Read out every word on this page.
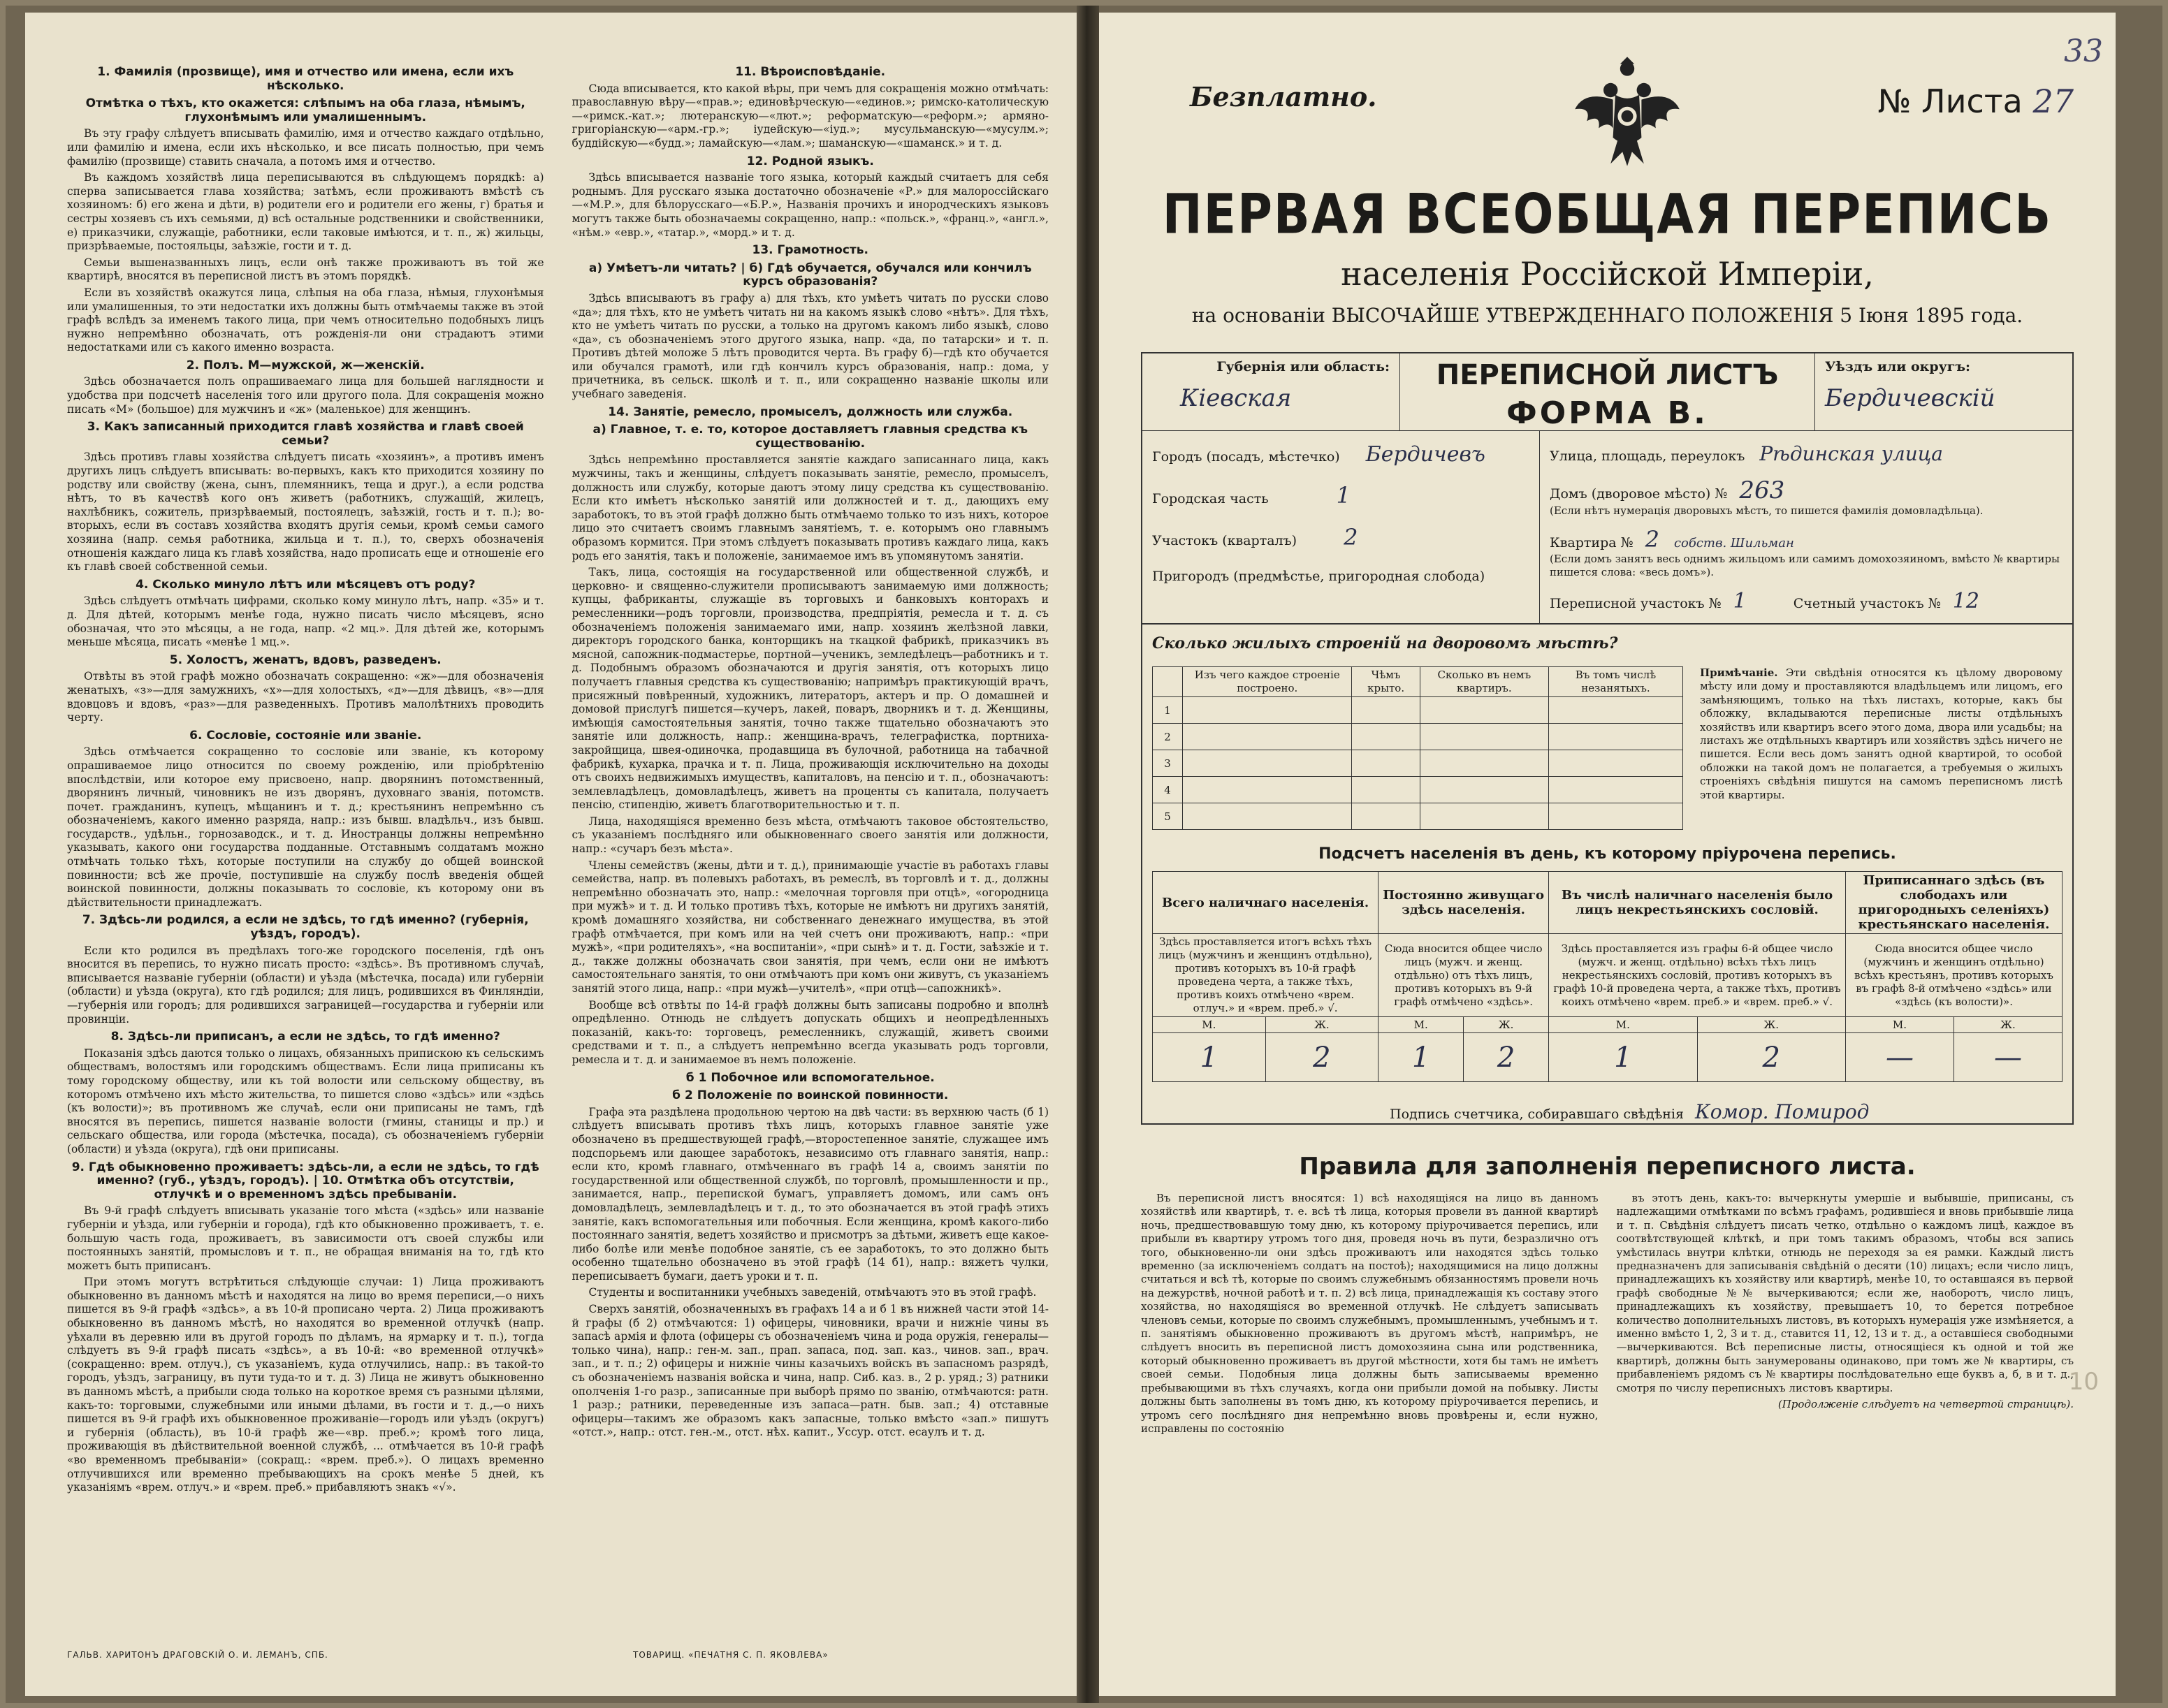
1. Фамилія (прозвище), имя и отчество или имена, если ихъ нѣсколько.
Отмѣтка о тѣхъ, кто окажется: слѣпымъ на оба глаза, нѣмымъ, глухонѣмымъ или умалишеннымъ.

Въ эту графу слѣдуетъ вписывать фамилію, имя и отчество каждаго отдѣльно, или фамилію и имена, если ихъ нѣсколько, и все писать полностью, при чемъ фамилію (прозвище) ставить сначала, а потомъ имя и отчество.

Въ каждомъ хозяйствѣ лица переписываются въ слѣдующемъ порядкѣ: а) сперва записывается глава хозяйства; затѣмъ, если проживаютъ вмѣстѣ съ хозяиномъ: б) его жена и дѣти, в) родители его и родители его жены, г) братья и сестры хозяевъ съ ихъ семьями, д) всѣ остальные родственники и свойственники, е) приказчики, служащіе, работники, если таковые имѣются, и т. п., ж) жильцы, призрѣваемые, постояльцы, заѣзжіе, гости и т. д.

Семьи вышеназванныхъ лицъ, если онѣ также проживаютъ въ той же квартирѣ, вносятся въ переписной листъ въ этомъ порядкѣ.

Если въ хозяйствѣ окажутся лица, слѣпыя на оба глаза, нѣмыя, глухонѣмыя или умалишенныя, то эти недостатки ихъ должны быть отмѣчаемы также въ этой графѣ вслѣдъ за именемъ такого лица, при чемъ относительно подобныхъ лицъ нужно непремѣнно обозначать, отъ рожденія-ли они страдаютъ этими недостатками или съ какого именно возраста.

2. Полъ. М—мужской, ж—женскій.

Здѣсь обозначается полъ опрашиваемаго лица для большей наглядности и удобства при подсчетѣ населенія того или другого пола. Для сокращенія можно писать «М» (большое) для мужчинъ и «ж» (маленькое) для женщинъ.

3. Какъ записанный приходится главѣ хозяйства и главѣ своей семьи?

Здѣсь противъ главы хозяйства слѣдуетъ писать «хозяинъ», а противъ именъ другихъ лицъ слѣдуетъ вписывать: во-первыхъ, какъ кто приходится хозяину по родству или свойству (жена, сынъ, племянникъ, теща и друг.), а если родства нѣтъ, то въ качествѣ кого онъ живетъ (работникъ, служащій, жилецъ, нахлѣбникъ, сожитель, призрѣваемый, постоялецъ, заѣзжій, гость и т. п.); во-вторыхъ, если въ составъ хозяйства входятъ другія семьи, кромѣ семьи самого хозяина (напр. семья работника, жильца и т. п.), то, сверхъ обозначенія отношенія каждаго лица къ главѣ хозяйства, надо прописать еще и отношеніе его къ главѣ своей собственной семьи.

4. Сколько минуло лѣтъ или мѣсяцевъ отъ роду?

Здѣсь слѣдуетъ отмѣчать цифрами, сколько кому минуло лѣтъ, напр. «35» и т. д. Для дѣтей, которымъ менѣе года, нужно писать число мѣсяцевъ, ясно обозначая, что это мѣсяцы, а не года, напр. «2 мц.». Для дѣтей же, которымъ меньше мѣсяца, писать «менѣе 1 мц.».

5. Холостъ, женатъ, вдовъ, разведенъ.

Отвѣты въ этой графѣ можно обозначать сокращенно: «ж»—для обозначенія женатыхъ, «з»—для замужнихъ, «х»—для холостыхъ, «д»—для дѣвицъ, «в»—для вдовцовъ и вдовъ, «раз»—для разведенныхъ. Противъ малолѣтнихъ проводить черту.

6. Сословіе, состояніе или званіе.

Здѣсь отмѣчается сокращенно то сословіе или званіе, къ которому опрашиваемое лицо относится по своему рожденію, или пріобрѣтенію впослѣдствіи, или которое ему присвоено, напр. дворянинъ потомственный, дворянинъ личный, чиновникъ не изъ дворянъ, духовнаго званія, потомств. почет. гражданинъ, купецъ, мѣщанинъ и т. д.; крестьянинъ непремѣнно съ обозначеніемъ, какого именно разряда, напр.: изъ бывш. владѣльч., изъ бывш. государств., удѣльн., горнозаводск., и т. д. Иностранцы должны непремѣнно указывать, какого они государства подданные. Отставнымъ солдатамъ можно отмѣчать только тѣхъ, которые поступили на службу до общей воинской повинности; всѣ же прочіе, поступившіе на службу послѣ введенія общей воинской повинности, должны показывать то сословіе, къ которому они въ дѣйствительности принадлежатъ.

7. Здѣсь-ли родился, а если не здѣсь, то гдѣ именно? (губернія, уѣздъ, городъ).

Если кто родился въ предѣлахъ того-же городского поселенія, гдѣ онъ вносится въ перепись, то нужно писать просто: «здѣсь». Въ противномъ случаѣ, вписывается названіе губерніи (области) и уѣзда (мѣстечка, посада) или губерніи (области) и уѣзда (округа), кто гдѣ родился; для лицъ, родившихся въ Финляндіи,—губернія или городъ; для родившихся заграницей—государства и губерніи или провинціи.

8. Здѣсь-ли приписанъ, а если не здѣсь, то гдѣ именно?

Показанія здѣсь даются только о лицахъ, обязанныхъ припискою къ сельскимъ обществамъ, волостямъ или городскимъ обществамъ. Если лица приписаны къ тому городскому обществу, или къ той волости или сельскому обществу, въ которомъ отмѣчено ихъ мѣсто жительства, то пишется слово «здѣсь» или «здѣсь (къ волости)»; въ противномъ же случаѣ, если они приписаны не тамъ, гдѣ вносятся въ перепись, пишется названіе волости (гмины, станицы и пр.) и сельскаго общества, или города (мѣстечка, посада), съ обозначеніемъ губерніи (области) и уѣзда (округа), гдѣ они приписаны.

9. Гдѣ обыкновенно проживаетъ: здѣсь-ли, а если не здѣсь, то гдѣ именно? (губ., уѣздъ, городъ). | 10. Отмѣтка объ отсутствіи, отлучкѣ и о временномъ здѣсь пребываніи.

Въ 9-й графѣ слѣдуетъ вписывать указаніе того мѣста («здѣсь» или названіе губерніи и уѣзда, или губерніи и города), гдѣ кто обыкновенно проживаетъ, т. е. большую часть года, проживаетъ, въ зависимости отъ своей службы или постоянныхъ занятій, промысловъ и т. п., не обращая вниманія на то, гдѣ кто можетъ быть приписанъ.

При этомъ могутъ встрѣтиться слѣдующіе случаи: 1) Лица проживаютъ обыкновенно въ данномъ мѣстѣ и находятся на лицо во время переписи,—о нихъ пишется въ 9-й графѣ «здѣсь», а въ 10-й прописано черта. 2) Лица проживаютъ обыкновенно въ данномъ мѣстѣ, но находятся во временной отлучкѣ (напр. уѣхали въ деревню или въ другой городъ по дѣламъ, на ярмарку и т. п.), тогда слѣдуетъ въ 9-й графѣ писать «здѣсь», а въ 10-й: «во временной отлучкѣ» (сокращенно: врем. отлуч.), съ указаніемъ, куда отлучились, напр.: въ такой-то городъ, уѣздъ, заграницу, въ пути туда-то и т. д. 3) Лица не живутъ обыкновенно въ данномъ мѣстѣ, а прибыли сюда только на короткое время съ разными цѣлями, какъ-то: торговыми, служебными или иными дѣлами, въ гости и т. д.,—о нихъ пишется въ 9-й графѣ ихъ обыкновенное проживаніе—городъ или уѣздъ (округъ) и губернія (область), въ 10-й графѣ же—«вр. преб.»; кромѣ того лица, проживающія въ дѣйствительной военной службѣ, ... отмѣчается въ 10-й графѣ «во временномъ пребываніи» (сокращ.: «врем. преб.»). О лицахъ временно отлучившихся или временно пребывающихъ на срокъ менѣе 5 дней, къ указаніямъ «врем. отлуч.» и «врем. преб.» прибавляютъ знакъ «√».

11. Вѣроисповѣданіе.

Сюда вписывается, кто какой вѣры, при чемъ для сокращенія можно отмѣчать: православную вѣру—«прав.»; единовѣрческую—«единов.»; римско-католическую—«римск.-кат.»; лютеранскую—«лют.»; реформатскую—«реформ.»; армяно-григоріанскую—«арм.-гр.»; іудейскую—«іуд.»; мусульманскую—«мусулм.»; буддійскую—«будд.»; ламайскую—«лам.»; шаманскую—«шаманск.» и т. д.

12. Родной языкъ.

Здѣсь вписывается названіе того языка, который каждый считаетъ для себя роднымъ. Для русскаго языка достаточно обозначеніе «Р.» для малороссійскаго—«М.Р.», для бѣлорусскаго—«Б.Р.», Названія прочихъ и инородческихъ языковъ могутъ также быть обозначаемы сокращенно, напр.: «польск.», «франц.», «англ.», «нѣм.» «евр.», «татар.», «морд.» и т. д.

13. Грамотность.
а) Умѣетъ-ли читать? | б) Гдѣ обучается, обучался или кончилъ курсъ образованія?

Здѣсь вписываютъ въ графу а) для тѣхъ, кто умѣетъ читать по русски слово «да»; для тѣхъ, кто не умѣетъ читать ни на какомъ языкѣ слово «нѣтъ». Для тѣхъ, кто не умѣетъ читать по русски, а только на другомъ какомъ либо языкѣ, слово «да», съ обозначеніемъ этого другого языка, напр. «да, по татарски» и т. п. Противъ дѣтей моложе 5 лѣтъ проводится черта. Въ графу б)—гдѣ кто обучается или обучался грамотѣ, или гдѣ кончилъ курсъ образованія, напр.: дома, у причетника, въ сельск. школѣ и т. п., или сокращенно названіе школы или учебнаго заведенія.

14. Занятіе, ремесло, промыселъ, должность или служба.
а) Главное, т. е. то, которое доставляетъ главныя средства къ существованію.

Здѣсь непремѣнно проставляется занятіе каждаго записаннаго лица, какъ мужчины, такъ и женщины, слѣдуетъ показывать занятіе, ремесло, промыселъ, должность или службу, которые даютъ этому лицу средства къ существованію. Если кто имѣетъ нѣсколько занятій или должностей и т. д., дающихъ ему заработокъ, то въ этой графѣ должно быть отмѣчаемо только то изъ нихъ, которое лицо это считаетъ своимъ главнымъ занятіемъ, т. е. которымъ оно главнымъ образомъ кормится. При этомъ слѣдуетъ показывать противъ каждаго лица, какъ родъ его занятія, такъ и положеніе, занимаемое имъ въ упомянутомъ занятіи.

Такъ, лица, состоящія на государственной или общественной службѣ, и церковно- и священно-служители прописываютъ занимаемую ими должность; купцы, фабриканты, служащіе въ торговыхъ и банковыхъ конторахъ и ремесленники—родъ торговли, производства, предпріятія, ремесла и т. д. съ обозначеніемъ положенія занимаемаго ими, напр. хозяинъ желѣзной лавки, директоръ городского банка, конторщикъ на ткацкой фабрикѣ, приказчикъ въ мясной, сапожник-подмастерье, портной—ученикъ, земледѣлецъ—работникъ и т. д. Подобнымъ образомъ обозначаются и другія занятія, отъ которыхъ лицо получаетъ главныя средства къ существованію; напримѣръ практикующій врачъ, присяжный повѣренный, художникъ, литераторъ, актеръ и пр. О домашней и домовой прислугѣ пишется—кучеръ, лакей, поваръ, дворникъ и т. д. Женщины, имѣющія самостоятельныя занятія, точно также тщательно обозначаютъ это занятіе или должность, напр.: женщина-врачъ, телеграфистка, портниха-закройщица, швея-одиночка, продавщица въ булочной, работница на табачной фабрикѣ, кухарка, прачка и т. п. Лица, проживающія исключительно на доходы отъ своихъ недвижимыхъ имуществъ, капиталовъ, на пенсію и т. п., обозначаютъ: землевладѣлецъ, домовладѣлецъ, живетъ на проценты съ капитала, получаетъ пенсію, стипендію, живетъ благотворительностью и т. п.

Лица, находящіяся временно безъ мѣста, отмѣчаютъ таковое обстоятельство, съ указаніемъ послѣдняго или обыкновеннаго своего занятія или должности, напр.: «сучаръ безъ мѣста».

Члены семействъ (жены, дѣти и т. д.), принимающіе участіе въ работахъ главы семейства, напр. въ полевыхъ работахъ, въ ремеслѣ, въ торговлѣ и т. д., должны непремѣнно обозначать это, напр.: «мелочная торговля при отцѣ», «огородница при мужѣ» и т. д. И только противъ тѣхъ, которые не имѣютъ ни другихъ занятій, кромѣ домашняго хозяйства, ни собственнаго денежнаго имущества, въ этой графѣ отмѣчается, при комъ или на чей счетъ они проживаютъ, напр.: «при мужѣ», «при родителяхъ», «на воспитаніи», «при сынѣ» и т. д. Гости, заѣзжіе и т. д., также должны обозначать свои занятія, при чемъ, если они не имѣютъ самостоятельнаго занятія, то они отмѣчаютъ при комъ они живутъ, съ указаніемъ занятій этого лица, напр.: «при мужѣ—учителѣ», «при отцѣ—сапожникѣ».

Вообще всѣ отвѣты по 14-й графѣ должны быть записаны подробно и вполнѣ опредѣленно. Отнюдь не слѣдуетъ допускать общихъ и неопредѣленныхъ показаній, какъ-то: торговецъ, ремесленникъ, служащій, живетъ своими средствами и т. п., а слѣдуетъ непремѣнно всегда указывать родъ торговли, ремесла и т. д. и занимаемое въ немъ положеніе.

б 1 Побочное или вспомогательное.
б 2 Положеніе по воинской повинности.

Графа эта раздѣлена продольною чертою на двѣ части: въ верхнюю часть (б 1) слѣдуетъ вписывать противъ тѣхъ лицъ, которыхъ главное занятіе уже обозначено въ предшествующей графѣ,—второстепенное занятіе, служащее имъ подспорьемъ или дающее заработокъ, независимо отъ главнаго занятія, напр.: если кто, кромѣ главнаго, отмѣченнаго въ графѣ 14 а, своимъ занятіи по государственной или общественной службѣ, по торговлѣ, промышленности и пр., занимается, напр., перепиской бумагъ, управляетъ домомъ, или самъ онъ домовладѣлецъ, землевладѣлецъ и т. д., то это обозначается въ этой графѣ этихъ занятіе, какъ вспомогательныя или побочныя. Если женщина, кромѣ какого-либо постояннаго занятія, ведетъ хозяйство и присмотръ за дѣтьми, живетъ еще какое-либо болѣе или менѣе подобное занятіе, съ ее заработокъ, то это должно быть особенно тщательно обозначено въ этой графѣ (14 б1), напр.: вяжетъ чулки, переписываетъ бумаги, даетъ уроки и т. п.

Студенты и воспитанники учебныхъ заведеній, отмѣчаютъ это въ этой графѣ.

Сверхъ занятій, обозначенныхъ въ графахъ 14 а и б 1 въ нижней части этой 14-й графы (б 2) отмѣчаются: 1) офицеры, чиновники, врачи и нижніе чины въ запасѣ армія и флота (офицеры съ обозначеніемъ чина и рода оружія, генералы—только чина), напр.: ген-м. зап., прап. запаса, под. зап. каз., чинов. зап., врач. зап., и т. п.; 2) офицеры и нижніе чины казачьихъ войскъ въ запасномъ разрядѣ, съ обозначеніемъ названія войска и чина, напр. Сиб. каз. в., 2 р. уряд.; 3) ратники ополченія 1-го разр., записанные при выборѣ прямо по званію, отмѣчаются: ратн. 1 разр.; ратники, переведенные изъ запаса—ратн. быв. зап.; 4) отставные офицеры—такимъ же образомъ какъ запасные, только вмѣсто «зап.» пишутъ «отст.», напр.: отст. ген.-м., отст. нѣх. капит., Уссур. отст. есаулъ и т. д.

ГАЛЬВ. ХАРИТОНЪ ДРАГОВСКІЙ О. И. ЛЕМАНЪ, СПБ.	ТОВАРИЩ. «ПЕЧАТНЯ С. П. ЯКОВЛЕВА»
33
10
Безплатно.	№ Листа 27
ПЕРВАЯ ВСЕОБЩАЯ ПЕРЕПИСЬ
населенія Россійской Имперіи,
на основаніи ВЫСОЧАЙШЕ УТВЕРЖДЕННАГО ПОЛОЖЕНІЯ 5 Іюня 1895 года.
Губернія или область:
Кіевская
ПЕРЕПИСНОЙ ЛИСТЪ
ФОРМА В.
Уѣздъ или округъ:
Бердичевскій
Городъ (посадъ, мѣстечко) Бердичевъ
Городская часть	1
Участокъ (кварталъ) 2
Пригородъ (предмѣстье, пригородная слобода)
Улица, площадь, переулокъ Рѣдинская улица
Домъ (дворовое мѣсто) № 263
(Если нѣтъ нумерація дворовыхъ мѣстъ, то пишется фамилія домовладѣльца).
Квартира № 2 собств. Шильман
(Если домъ занятъ весь однимъ жильцомъ или самимъ домохозяиномъ, вмѣсто № квартиры пишется слова: «весь домъ»).
Переписной участокъ № 1	Счетный участокъ № 12
Сколько жилыхъ строеній на дворовомъ мѣстѣ?
	Изъ чего каждое строеніе построено.	Чѣмъ крыто.	Сколько въ немъ квартиръ.	Въ томъ числѣ незанятыхъ.
1				
2				
3				
4				
5				
Примѣчаніе. Эти свѣдѣнія относятся къ цѣлому дворовому мѣсту или дому и проставляются владѣльцемъ или лицомъ, его замѣняющимъ, только на тѣхъ листахъ, которые, какъ бы обложку, вкладываются переписные листы отдѣльныхъ хозяйствъ или квартиръ всего этого дома, двора или усадьбы; на листахъ же отдѣльныхъ квартиръ или хозяйствъ здѣсь ничего не пишется. Если весь домъ занятъ одной квартирой, то особой обложки на такой домъ не полагается, а требуемыя о жилыхъ строеніяхъ свѣдѣнія пишутся на самомъ переписномъ листѣ этой квартиры.
Подсчетъ населенія въ день, къ которому пріурочена перепись.
Всего наличнаго населенія.		Постоянно живущаго здѣсь населенія.		Въ числѣ наличнаго населенія было лицъ некрестьянскихъ сословій.		Приписаннаго здѣсь (въ слободахъ или пригородныхъ селеніяхъ) крестьянскаго населенія.	
Здѣсь проставляется итогъ всѣхъ тѣхъ лицъ (мужчинъ и женщинъ отдѣльно), противъ которыхъ въ 10-й графѣ проведена черта, а также тѣхъ, противъ коихъ отмѣчено «врем. отлуч.» и «врем. преб.» √.		Сюда вносится общее число лицъ (мужч. и женщ. отдѣльно) отъ тѣхъ лицъ, противъ которыхъ въ 9-й графѣ отмѣчено «здѣсь».		Здѣсь проставляется изъ графы 6-й общее число (мужч. и женщ. отдѣльно) всѣхъ тѣхъ лицъ некрестьянскихъ сословій, противъ которыхъ въ графѣ 10-й проведена черта, а также тѣхъ, противъ коихъ отмѣчено «врем. преб.» и «врем. преб.» √.		Сюда вносится общее число (мужчинъ и женщинъ отдѣльно) всѣхъ крестьянъ, противъ которыхъ въ графѣ 8-й отмѣчено «здѣсь» или «здѣсь (къ волости)».	
М.	Ж.	М.	Ж.	М.	Ж.	М.	Ж.
1	2	1	2	1	2	—	—
Подпись счетчика, собиравшаго свѣдѣнія Комор. Помирод
Правила для заполненія переписного листа.

Въ переписной листъ вносятся: 1) всѣ находящіяся на лицо въ данномъ хозяйствѣ или квартирѣ, т. е. всѣ тѣ лица, которыя провели въ данной квартирѣ ночь, предшествовавшую тому дню, къ которому пріурочивается перепись, или прибыли въ квартиру утромъ того дня, проведя ночь въ пути, безразлично отъ того, обыкновенно-ли они здѣсь проживаютъ или находятся здѣсь только временно (за исключеніемъ солдатъ на постоѣ); находящимися на лицо должны считаться и всѣ тѣ, которые по своимъ служебнымъ обязанностямъ провели ночь на дежурствѣ, ночной работѣ и т. п. 2) всѣ лица, принадлежащія къ составу этого хозяйства, но находящіяся во временной отлучкѣ. Не слѣдуетъ записывать членовъ семьи, которые по своимъ служебнымъ, промышленнымъ, учебнымъ и т. п. занятіямъ обыкновенно проживаютъ въ другомъ мѣстѣ, напримѣръ, не слѣдуетъ вносить въ переписной листъ домохозяина сына или родственника, который обыкновенно проживаетъ въ другой мѣстности, хотя бы тамъ не имѣетъ своей семьи. Подобныя лица должны быть записываемы временно пребывающими въ тѣхъ случаяхъ, когда они прибыли домой на побывку. Листы должны быть заполнены въ томъ дню, къ которому пріурочивается перепись, и утромъ сего послѣдняго дня непремѣнно вновь провѣрены и, если нужно, исправлены по состоянію

въ этотъ день, какъ-то: вычеркнуты умершіе и выбывшіе, приписаны, съ надлежащими отмѣтками по всѣмъ графамъ, родившіеся и вновь прибывшіе лица и т. п. Свѣдѣнія слѣдуетъ писать четко, отдѣльно о каждомъ лицѣ, каждое въ соотвѣтствующей клѣткѣ, и при томъ такимъ образомъ, чтобы вся запись умѣстилась внутри клѣтки, отнюдь не переходя за ея рамки. Каждый листъ предназначенъ для записыванія свѣдѣній о десяти (10) лицахъ; если число лицъ, принадлежащихъ къ хозяйству или квартирѣ, менѣе 10, то оставшаяся въ первой графѣ свободные №№ вычеркиваются; если же, наоборотъ, число лицъ, принадлежащихъ къ хозяйству, превышаетъ 10, то берется потребное количество дополнительныхъ листовъ, въ которыхъ нумерація уже измѣняется, а именно вмѣсто 1, 2, 3 и т. д., ставится 11, 12, 13 и т. д., а оставшіеся свободными—вычеркиваются. Всѣ переписные листы, относящіеся къ одной и той же квартирѣ, должны быть занумерованы одинаково, при томъ же № квартиры, съ прибавленіемъ рядомъ съ № квартиры послѣдовательно еще буквъ а, б, в и т. д., смотря по числу переписныхъ листовъ квартиры.

(Продолженіе слѣдуетъ на четвертой страницѣ).
